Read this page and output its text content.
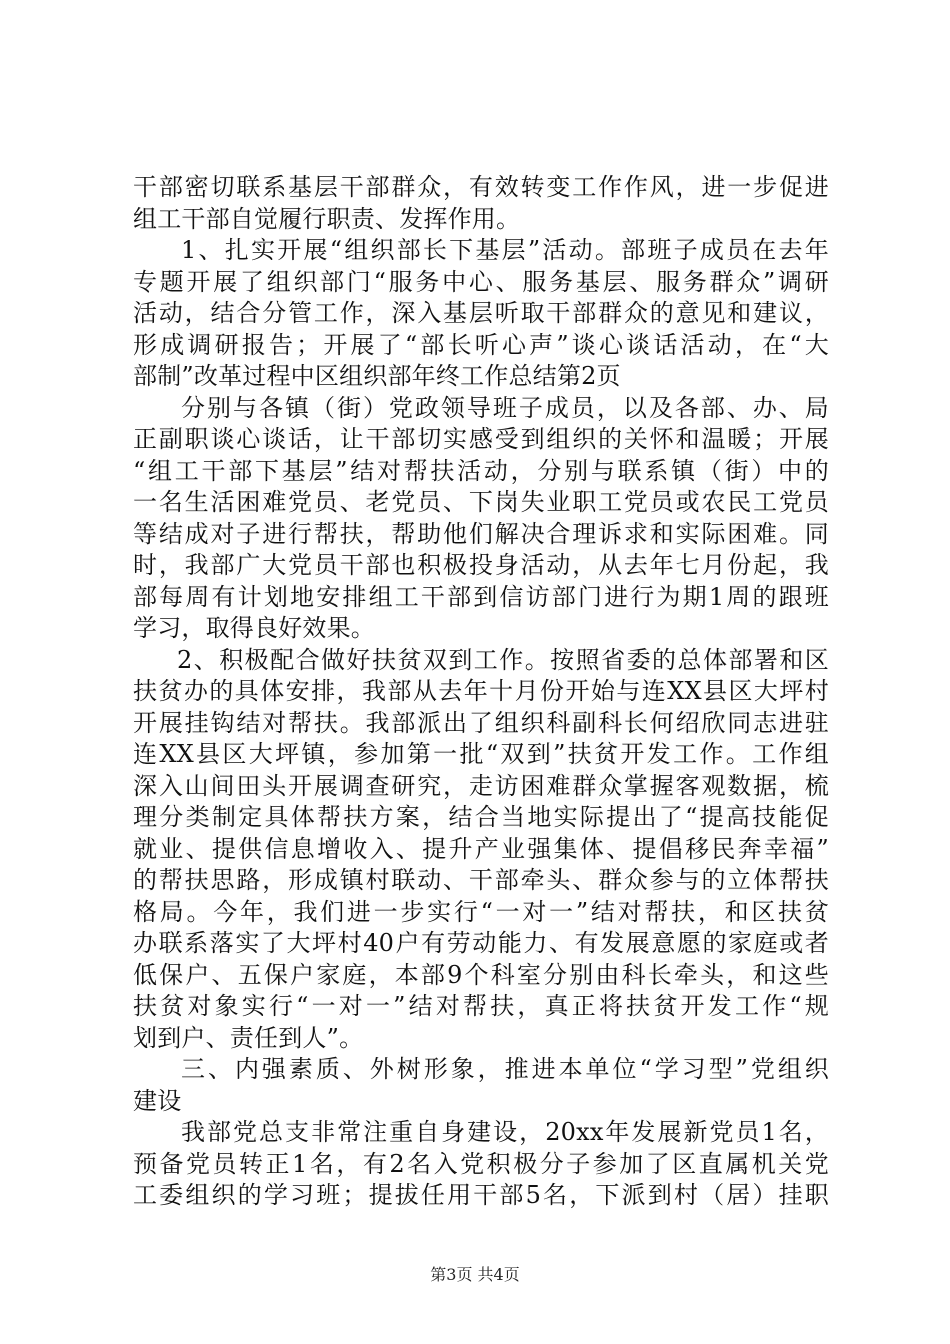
干部密切联系基层干部群众，有效转变工作作风，进一步促进
组工干部自觉履行职责、发挥作用。
1、扎实开展“组织部长下基层”活动。部班子成员在去年
专题开展了组织部门“服务中心、服务基层、服务群众”调研
活动，结合分管工作，深入基层听取干部群众的意见和建议，
形成调研报告；开展了“部长听心声”谈心谈话活动，在“大
部制”改革过程中区组织部年终工作总结第2页
分别与各镇（街）党政领导班子成员，以及各部、办、局
正副职谈心谈话，让干部切实感受到组织的关怀和温暖；开展
“组工干部下基层”结对帮扶活动，分别与联系镇（街）中的
一名生活困难党员、老党员、下岗失业职工党员或农民工党员
等结成对子进行帮扶，帮助他们解决合理诉求和实际困难。同
时，我部广大党员干部也积极投身活动，从去年七月份起，我
部每周有计划地安排组工干部到信访部门进行为期1周的跟班
学习，取得良好效果。
2、积极配合做好扶贫双到工作。按照省委的总体部署和区
扶贫办的具体安排，我部从去年十月份开始与连XX县区大坪村
开展挂钩结对帮扶。我部派出了组织科副科长何绍欣同志进驻
连XX县区大坪镇，参加第一批“双到”扶贫开发工作。工作组
深入山间田头开展调查研究，走访困难群众掌握客观数据，梳
理分类制定具体帮扶方案，结合当地实际提出了“提高技能促
就业、提供信息增收入、提升产业强集体、提倡移民奔幸福”
的帮扶思路，形成镇村联动、干部牵头、群众参与的立体帮扶
格局。今年，我们进一步实行“一对一”结对帮扶，和区扶贫
办联系落实了大坪村40户有劳动能力、有发展意愿的家庭或者
低保户、五保户家庭，本部9个科室分别由科长牵头，和这些
扶贫对象实行“一对一”结对帮扶，真正将扶贫开发工作“规
划到户、责任到人”。
三、内强素质、外树形象，推进本单位“学习型”党组织
建设
我部党总支非常注重自身建设，20xx年发展新党员1名，
预备党员转正1名，有2名入党积极分子参加了区直属机关党
工委组织的学习班；提拔任用干部5名，下派到村（居）挂职
第3页 共4页
